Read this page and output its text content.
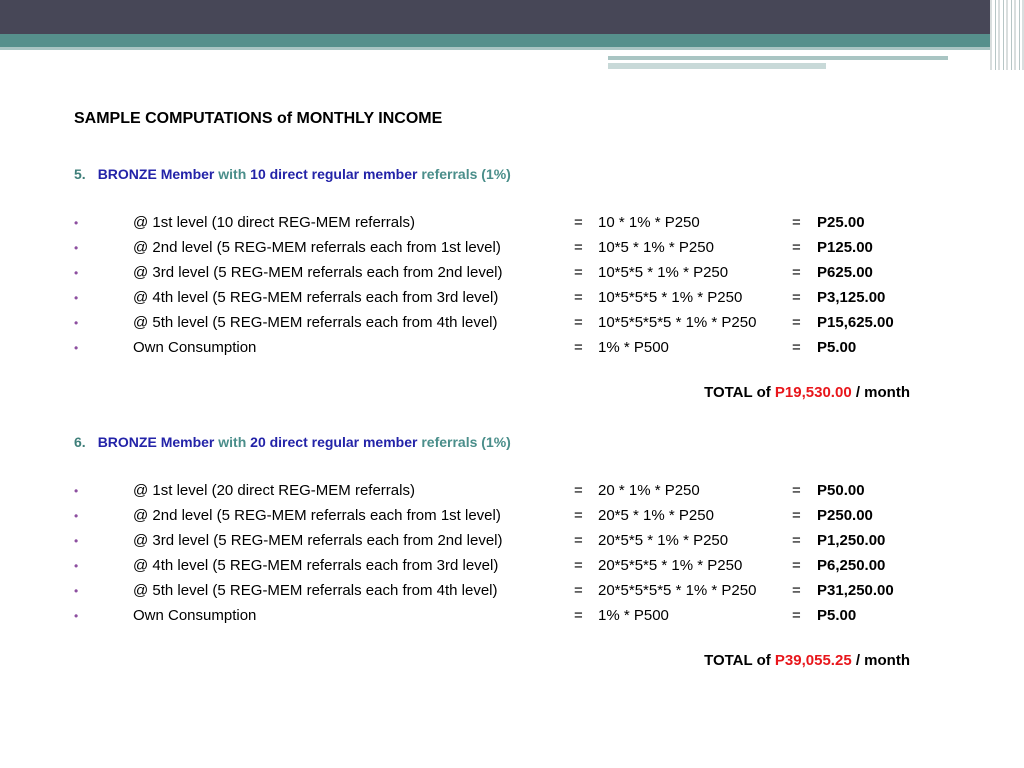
SAMPLE COMPUTATIONS of MONTHLY INCOME
5. BRONZE Member with 10 direct regular member referrals (1%)
•	@ 1st level (10 direct REG-MEM referrals)	= 10 * 1% * P250	= P25.00
•	@ 2nd level (5 REG-MEM referrals each from 1st level)	= 10*5 * 1% * P250	= P125.00
•	@ 3rd level (5 REG-MEM referrals each from 2nd level)	= 10*5*5 * 1% * P250	= P625.00
•	@ 4th level (5 REG-MEM referrals each from 3rd level)	= 10*5*5*5 * 1% * P250	= P3,125.00
•	@ 5th level (5 REG-MEM referrals each from 4th level)	= 10*5*5*5*5 * 1% * P250 = P15,625.00
•	Own Consumption	= 1% * P500	= P5.00
TOTAL of P19,530.00 / month
6. BRONZE Member with 20 direct regular member referrals (1%)
•	@ 1st level (20 direct REG-MEM referrals)	= 20 * 1% * P250	= P50.00
•	@ 2nd level (5 REG-MEM referrals each from 1st level)	= 20*5 * 1% * P250	= P250.00
•	@ 3rd level (5 REG-MEM referrals each from 2nd level)	= 20*5*5 * 1% * P250	= P1,250.00
•	@ 4th level (5 REG-MEM referrals each from 3rd level)	= 20*5*5*5 * 1% * P250	= P6,250.00
•	@ 5th level (5 REG-MEM referrals each from 4th level)	= 20*5*5*5*5 * 1% * P250 = P31,250.00
•	Own Consumption	= 1% * P500	= P5.00
TOTAL of P39,055.25 / month
